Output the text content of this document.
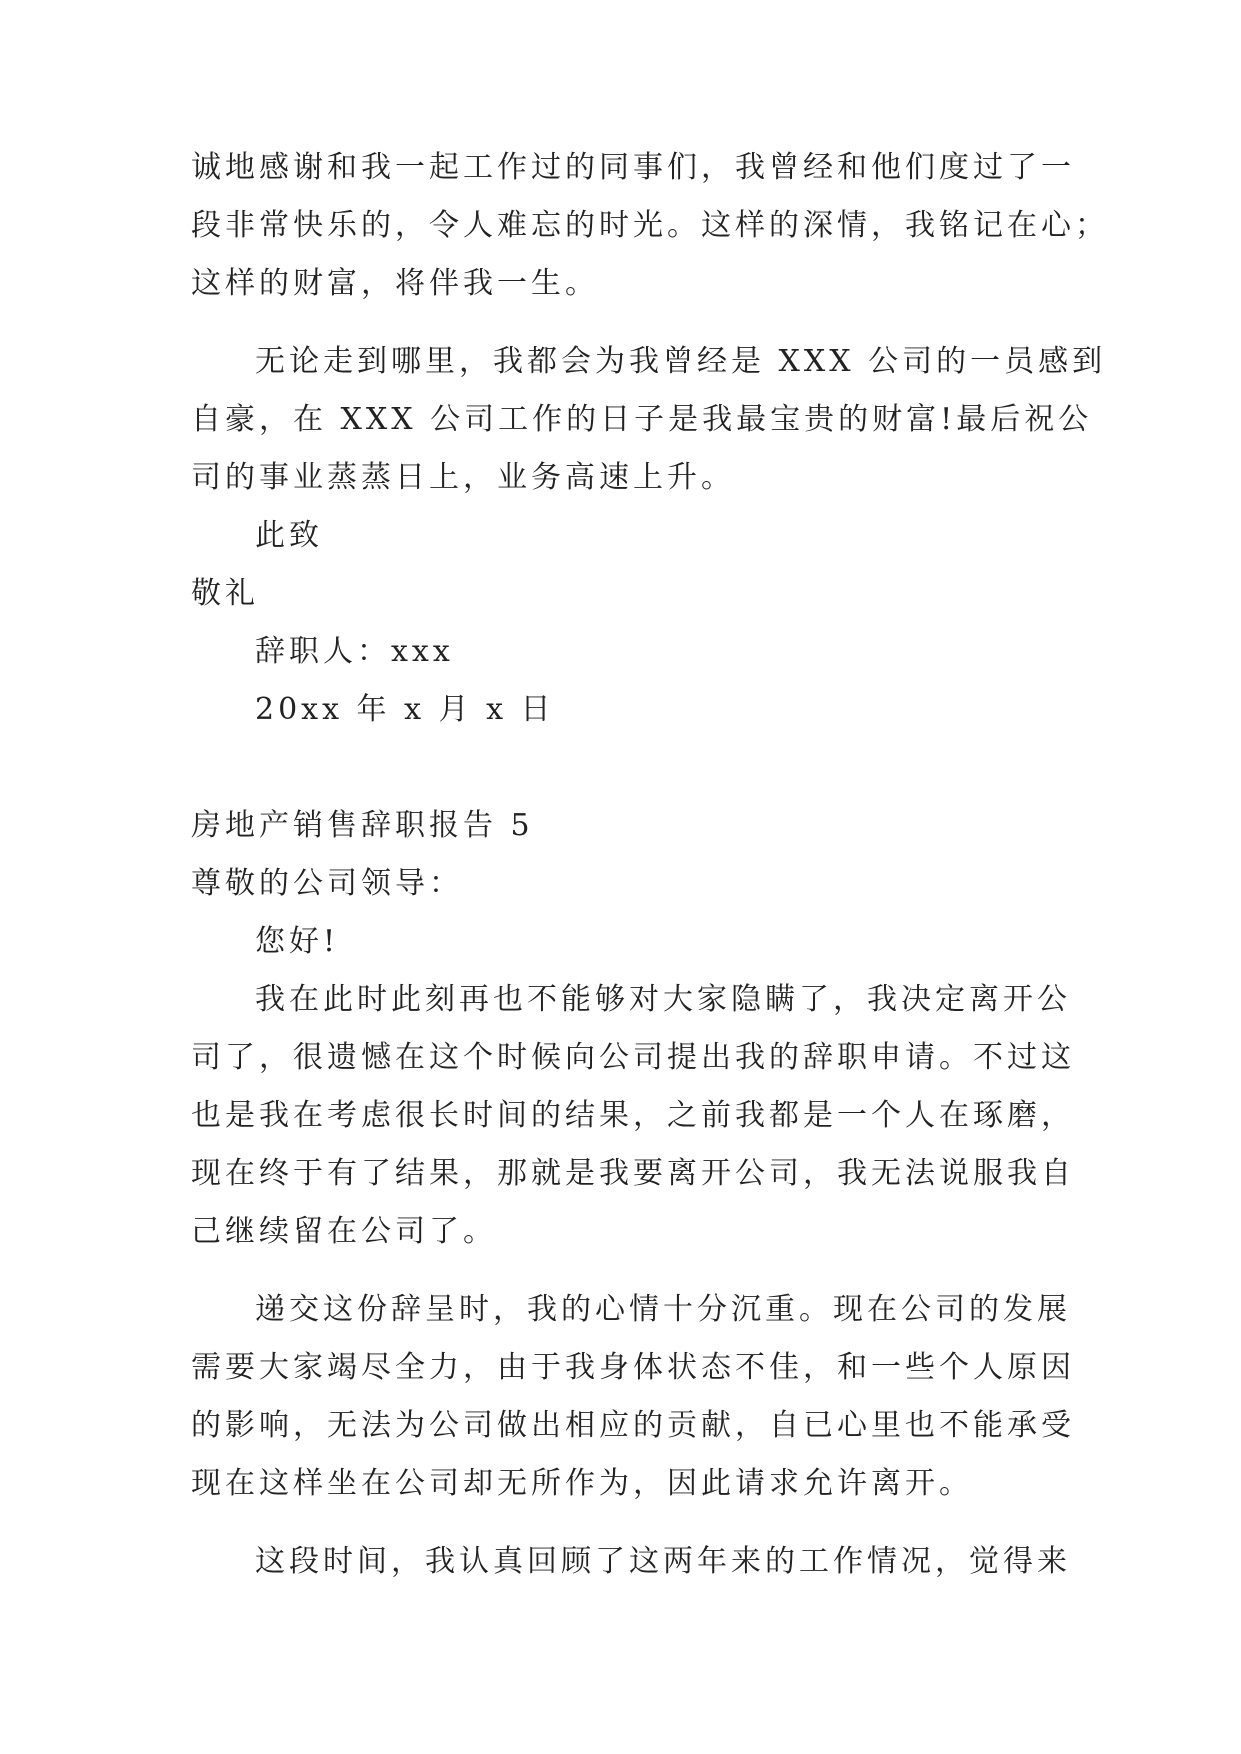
诚地感谢和我一起工作过的同事们，我曾经和他们度过了一
段非常快乐的，令人难忘的时光。这样的深情，我铭记在心；
这样的财富，将伴我一生。
无论走到哪里，我都会为我曾经是 XXX 公司的一员感到
自豪，在 XXX 公司工作的日子是我最宝贵的财富!最后祝公
司的事业蒸蒸日上，业务高速上升。
此致
敬礼
辞职人：xxx
20xx 年 x 月 x 日
房地产销售辞职报告 5
尊敬的公司领导：
您好!
我在此时此刻再也不能够对大家隐瞒了，我决定离开公
司了，很遗憾在这个时候向公司提出我的辞职申请。不过这
也是我在考虑很长时间的结果，之前我都是一个人在琢磨，
现在终于有了结果，那就是我要离开公司，我无法说服我自
己继续留在公司了。
递交这份辞呈时，我的心情十分沉重。现在公司的发展
需要大家竭尽全力，由于我身体状态不佳，和一些个人原因
的影响，无法为公司做出相应的贡献，自已心里也不能承受
现在这样坐在公司却无所作为，因此请求允许离开。
这段时间，我认真回顾了这两年来的工作情况，觉得来
